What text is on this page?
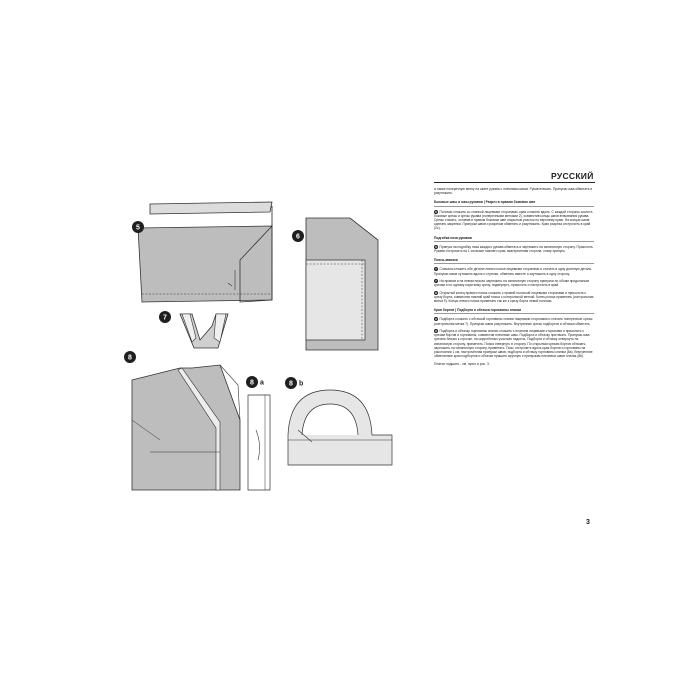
5
6
7
8
8 a	8 b
РУССКИЙ

а также поперечную метку на окате рукава с плечевым швом. Рукав втачать. Припуски шва обметать и разутюжить.

Боковые швы и швы рукавов | Разрез в правом боковом шве

5 Полочки сложить со спинкой лицевыми сторонами, края сложить вдоль. С каждой стороны сколоть боковые срезы и срезы рукава (поперечными метками 2), совместив концы швов втачивания рукава. Срезы стачать, оставив в правом боковом шве открытым участок по верхнему краю. На концах швов сделать закрепки. Припуски швов и разрезов обметать и разутюжить. Края разреза отстрочить в край (2с).

Подгибка низа рукавов

6 Припуск на подгибку низа каждого рукава обметать и заутюжить на изнаночную сторону. Приколоть. Рукава отстрочить на 1 см выше нижнего края, вкатерпинная сторона, снизу припуск.

Пояса-завязки

7 Сначала сложить обе детали левого пояса лицевыми сторонами и стачать в одну длинную деталь. Припуски швов сутюжить вдоль и стрелки, обметать вместе и заутюжить в одну сторону.

7 На правом и на левом поясах заутюжить на изнаночную сторону припуски по обоим продольным срезам и по одному короткому срезу, подвернуть, приколоть и настрочить в край.

8 Открытый конец правого пояса сложить с правой полочкой лицевыми сторонами и приколоть к срезу борта, совместив нижний край пояса с контрольной меткой. Конец пояса приметать (контрольная метка 9). Концы левого пояса приметать так же к срезу борта левой полочки.

Края бортов | Подборта и обтачка горловины спинки

9 Подборта сложить с обтачкой горловины спинки лицевыми сторонами и стачать поперечные срезы (контрольная метка 7). Припуски швов разутюжить. Внутренние срезы подбортов и обтачки обметать.

9 Подборта и обтачку горловины спинки сложить с платьем лицевыми сторонами и приколоть к срезам бортов и горловины, совместив плечевые швы. Подборта и обтачку притачать. Припуски шва срезать близко к строчке, на округлённых участках надсечь. Подборта и обтачку отвернуть на изнаночную сторону, приметать. Пояса отвернуть в сторону. По открытым срезам бортов обтачать, заутюжить на изнаночную сторону, приметать. Пояс отстрочить вдоль края бортов и горловины на расстоянии 1 см, настрочённая припуски швов, подборта и обтачку горловины спинки (8а). Внутренние обметанные края подбортов и обтачки пришить вручную к припускам плечевых швов платья (8b).

Платье подшить - см. пункт и рис. 3.

3
